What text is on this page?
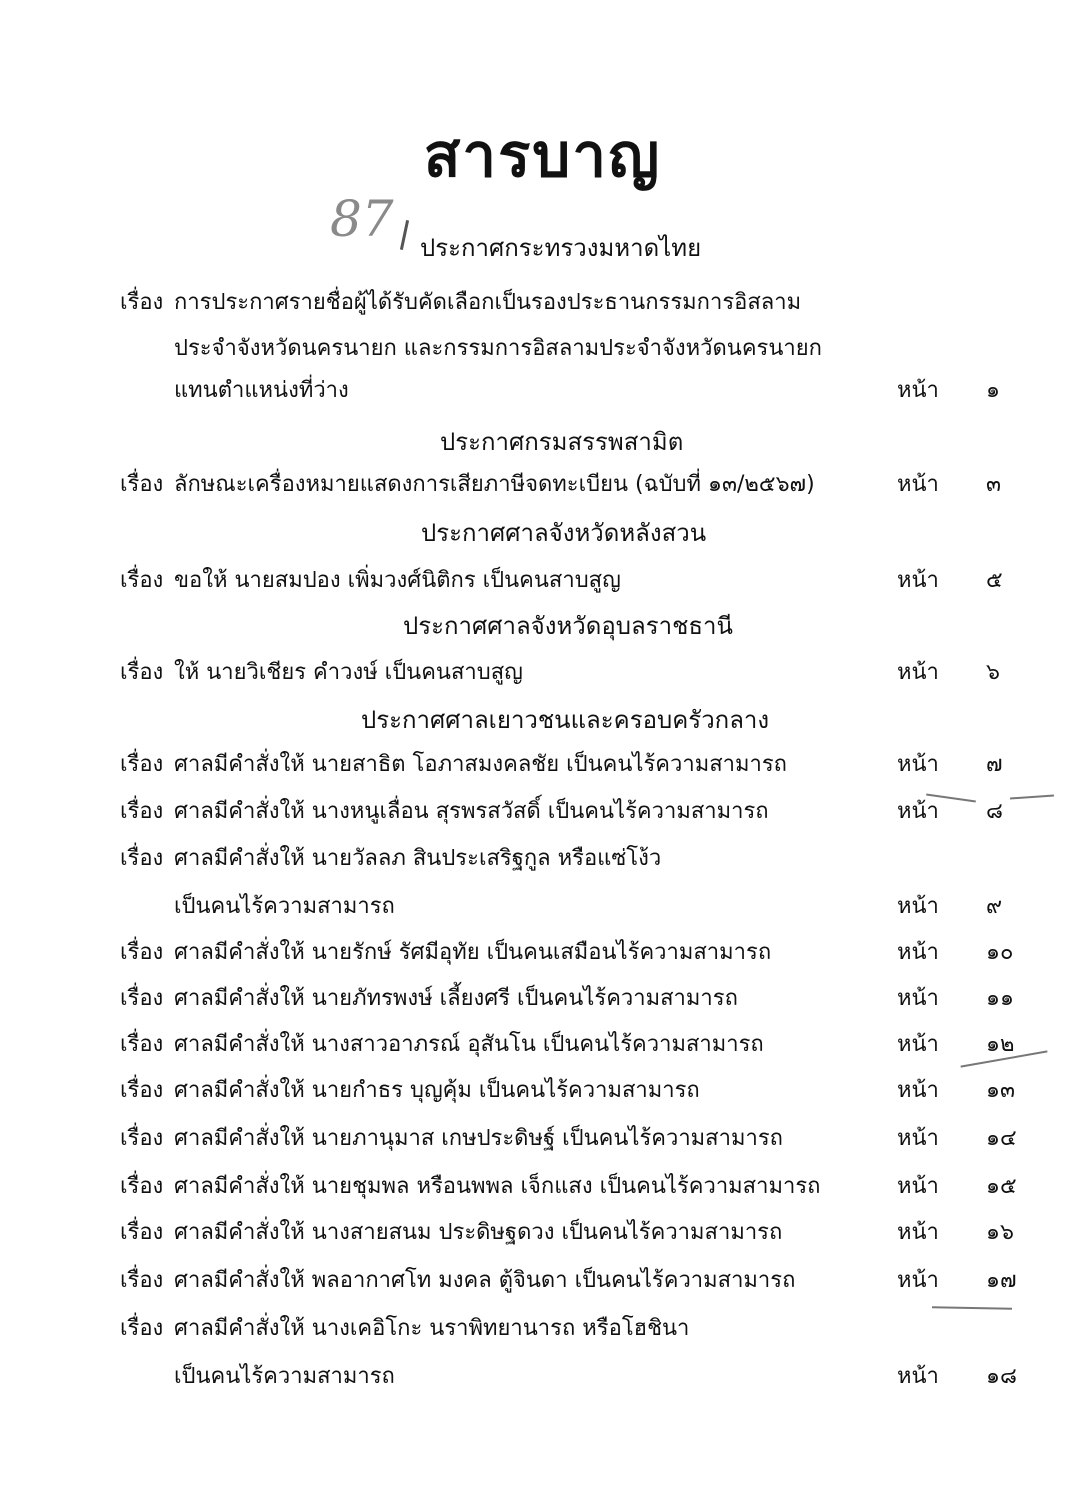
สารบาญ
87 ประกาศกระทรวงมหาดไทย
เรื่อง การประกาศรายชื่อผู้ได้รับคัดเลือกเป็นรองประธานกรรมการอิสลาม
ประจำจังหวัดนครนายก และกรรมการอิสลามประจำจังหวัดนครนายก
แทนตำแหน่งที่ว่าง	หน้า ๑
ประกาศกรมสรรพสามิต
เรื่อง ลักษณะเครื่องหมายแสดงการเสียภาษีจดทะเบียน (ฉบับที่ ๑๓/๒๕๖๗)	หน้า ๓
ประกาศศาลจังหวัดหลังสวน
เรื่อง ขอให้ นายสมปอง เพิ่มวงศ์นิติกร เป็นคนสาบสูญ	หน้า ๕
ประกาศศาลจังหวัดอุบลราชธานี
เรื่อง ให้ นายวิเชียร คำวงษ์ เป็นคนสาบสูญ	หน้า ๖
ประกาศศาลเยาวชนและครอบครัวกลาง
เรื่อง ศาลมีคำสั่งให้ นายสาธิต โอภาสมงคลชัย เป็นคนไร้ความสามารถ	หน้า ๗
เรื่อง ศาลมีคำสั่งให้ นางหนูเลื่อน สุรพรสวัสดิ์ เป็นคนไร้ความสามารถ	หน้า ๘
เรื่อง ศาลมีคำสั่งให้ นายวัลลภ สินประเสริฐกูล หรือแซ่โง้ว
เป็นคนไร้ความสามารถ	หน้า ๙
เรื่อง ศาลมีคำสั่งให้ นายรักษ์ รัศมีอุทัย เป็นคนเสมือนไร้ความสามารถ	หน้า ๑๐
เรื่อง ศาลมีคำสั่งให้ นายภัทรพงษ์ เลี้ยงศรี เป็นคนไร้ความสามารถ	หน้า ๑๑
เรื่อง ศาลมีคำสั่งให้ นางสาวอาภรณ์ อุสันโน เป็นคนไร้ความสามารถ	หน้า ๑๒
เรื่อง ศาลมีคำสั่งให้ นายกำธร บุญคุ้ม เป็นคนไร้ความสามารถ	หน้า ๑๓
เรื่อง ศาลมีคำสั่งให้ นายภานุมาส เกษประดิษฐ์ เป็นคนไร้ความสามารถ	หน้า ๑๔
เรื่อง ศาลมีคำสั่งให้ นายชุมพล หรือนพพล เจ็กแสง เป็นคนไร้ความสามารถ	หน้า ๑๕
เรื่อง ศาลมีคำสั่งให้ นางสายสนม ประดิษฐดวง เป็นคนไร้ความสามารถ	หน้า ๑๖
เรื่อง ศาลมีคำสั่งให้ พลอากาศโท มงคล ตู้จินดา เป็นคนไร้ความสามารถ	หน้า ๑๗
เรื่อง ศาลมีคำสั่งให้ นางเคอิโกะ นราพิทยานารถ หรือโฮชินา
เป็นคนไร้ความสามารถ	หน้า ๑๘
